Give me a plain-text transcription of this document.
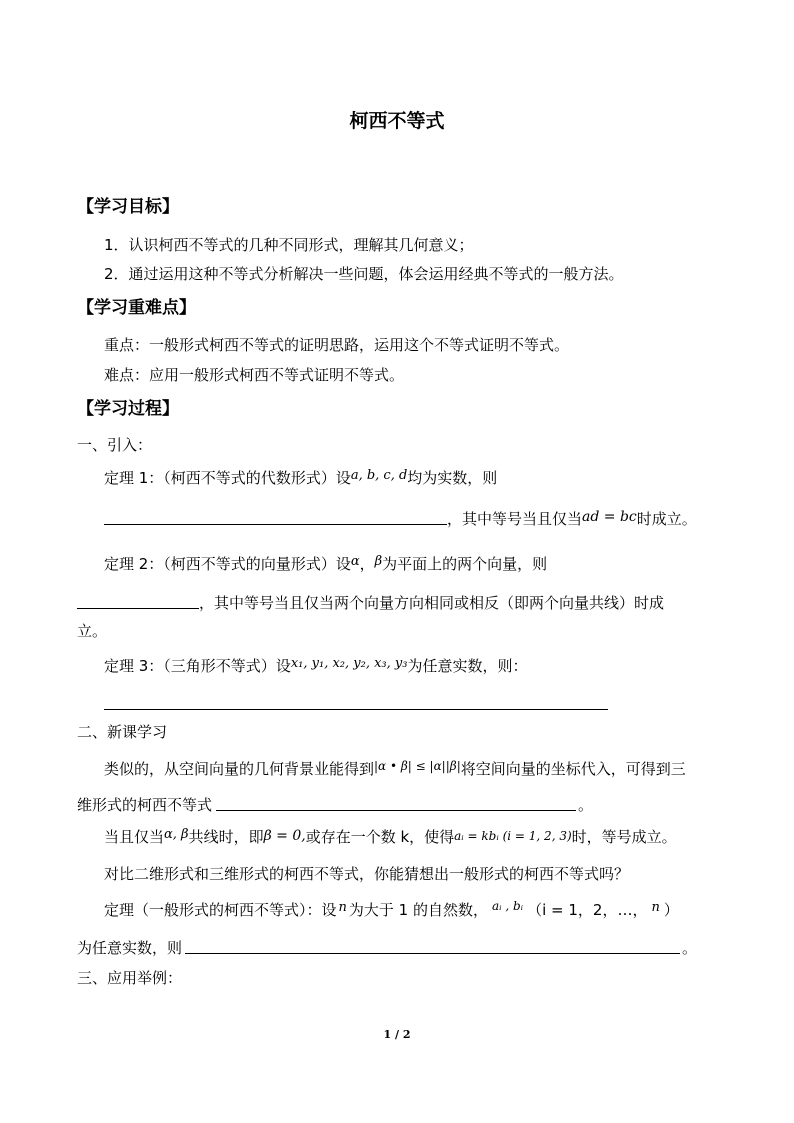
柯西不等式
【学习目标】
1．认识柯西不等式的几种不同形式，理解其几何意义；
2．通过运用这种不等式分析解决一些问题，体会运用经典不等式的一般方法。
【学习重难点】
重点：一般形式柯西不等式的证明思路，运用这个不等式证明不等式。
难点：应用一般形式柯西不等式证明不等式。
【学习过程】
一、引入：
定理 1：（柯西不等式的代数形式）设a, b, c, d均为实数，则
，其中等号当且仅当ad = bc时成立。
定理 2：（柯西不等式的向量形式）设α，β为平面上的两个向量，则
，其中等号当且仅当两个向量方向相同或相反（即两个向量共线）时成
立。
定理 3：（三角形不等式）设x₁, y₁, x₂, y₂, x₃, y₃为任意实数，则：
二、新课学习
类似的，从空间向量的几何背景业能得到$^{|\alpha • \beta| \le |\alpha||\beta|}$将空间向量的坐标代入，可得到三
维形式的柯西不等式	。
当且仅当α, β共线时，即β = 0,或存在一个数 k，使得aᵢ = kbᵢ (i = 1, 2, 3)时，等号成立。
对比二维形式和三维形式的柯西不等式，你能猜想出一般形式的柯西不等式吗？
定理（一般形式的柯西不等式）：设 n 为大于 1 的自然数， $^{aᵢ , bᵢ}$ （i = 1，2，…， n ）
为任意实数，则	。
三、应用举例：
1 / 2
